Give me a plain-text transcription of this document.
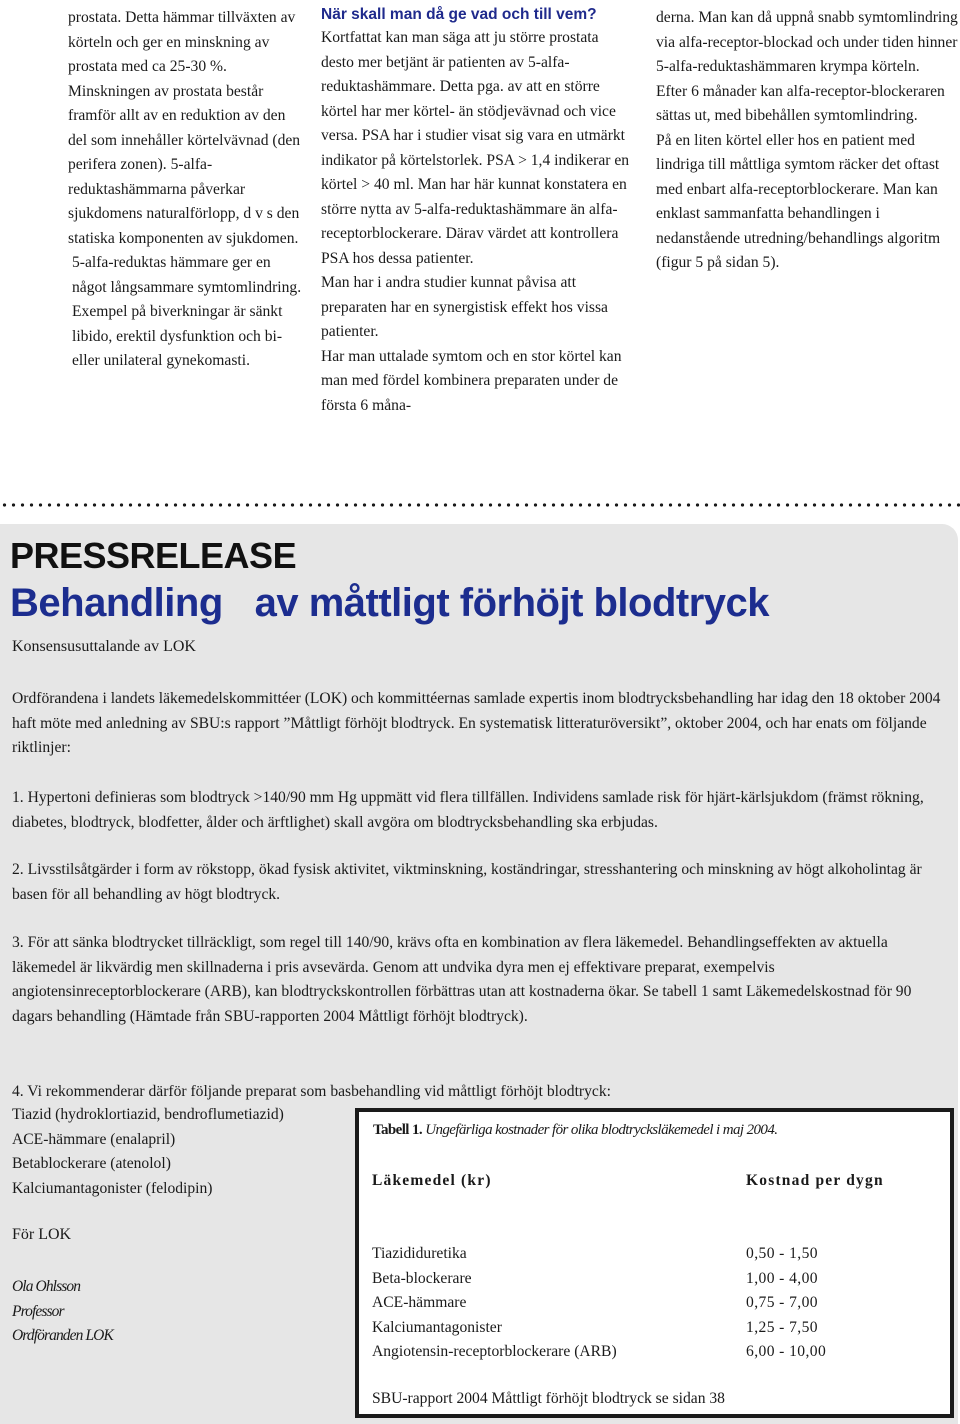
prostata. Detta hämmar tillväxten av körteln och ger en minskning av prostata med ca 25-30 %. Minskningen av prostata består framför allt av en reduktion av den del som innehåller körtelvävnad (den perifera zonen). 5-alfa-reduktashämmarna påverkar sjukdomens naturalförlopp, d v s den statiska komponenten av sjukdomen.

5-alfa-reduktas hämmare ger en något långsammare symtomlindring.

Exempel på biverkningar är sänkt libido, erektil dysfunktion och bi- eller unilateral gynekomasti.

När skall man då ge vad och till vem?

Kortfattat kan man säga att ju större prostata desto mer betjänt är patienten av 5-alfa-reduktashämmare. Detta pga. av att en större körtel har mer körtel- än stödjevävnad och vice versa. PSA har i studier visat sig vara en utmärkt indikator på körtelstorlek. PSA > 1,4 indikerar en körtel > 40 ml. Man har här kunnat konstatera en större nytta av 5-alfa-reduktashämmare än alfa-receptorblockerare. Därav värdet att kontrollera PSA hos dessa patienter.

Man har i andra studier kunnat påvisa att preparaten har en synergistisk effekt hos vissa patienter.

Har man uttalade symtom och en stor körtel kan man med fördel kombinera preparaten under de första 6 måna-

derna. Man kan då uppnå snabb symtomlindring via alfa-receptor-blockad och under tiden hinner 5-alfa-reduktashämmaren krympa körteln.

Efter 6 månader kan alfa-receptor-blockeraren sättas ut, med bibehållen symtomlindring.

På en liten körtel eller hos en patient med lindriga till måttliga symtom räcker det oftast med enbart alfa-receptorblockerare. Man kan enklast sammanfatta behandlingen i nedanstående utredning/behandlings algoritm (figur 5 på sidan 5).

PRESSRELEASE
Behandling   av måttligt förhöjt blodtryck
Konsensusuttalande av LOK

Ordförandena i landets läkemedelskommittéer (LOK) och kommittéernas samlade expertis inom blodtrycksbehandling har idag den 18 oktober 2004 haft möte med anledning av SBU:s rapport ”Måttligt förhöjt blodtryck. En systematisk litteraturöversikt”, oktober 2004, och har enats om följande riktlinjer:

1. Hypertoni definieras som blodtryck >140/90 mm Hg uppmätt vid flera tillfällen. Individens samlade risk för hjärt-kärlsjukdom (främst rökning, diabetes, blodtryck, blodfetter, ålder och ärftlighet) skall avgöra om blodtrycksbehandling ska erbjudas.

2. Livsstilsåtgärder i form av rökstopp, ökad fysisk aktivitet, viktminskning, koständringar, stresshantering och minskning av högt alkoholintag är basen för all behandling av högt blodtryck.

3. För att sänka blodtrycket tillräckligt, som regel till 140/90, krävs ofta en kombination av flera läkemedel. Behandlingseffekten av aktuella läkemedel är likvärdig men skillnaderna i pris avsevärda. Genom att undvika dyra men ej effektivare preparat, exempelvis angiotensinreceptorblockerare (ARB), kan blodtryckskontrollen förbättras utan att kostnaderna ökar. Se tabell 1 samt Läkemedelskostnad för 90 dagars behandling (Hämtade från SBU-rapporten 2004 Måttligt förhöjt blodtryck).

4. Vi rekommenderar därför följande preparat som basbehandling vid måttligt förhöjt blodtryck:

Tiazid (hydroklortiazid, bendroflumetiazid)
ACE-hämmare (enalapril)
Betablockerare (atenolol)
Kalciumantagonister (felodipin)
För LOK
Ola Ohlsson
Professor
Ordföranden LOK

Tabell 1. Ungefärliga kostnader för olika blodtrycksläkemedel i maj 2004.

Läkemedel (kr)	Kostnad per dygn
Tiazididuretika	0,50 - 1,50
Beta-blockerare	1,00 - 4,00
ACE-hämmare	0,75 - 7,00
Kalciumantagonister	1,25 - 7,50
Angiotensin-receptorblockerare (ARB)	6,00 - 10,00
SBU-rapport 2004 Måttligt förhöjt blodtryck se sidan 38
